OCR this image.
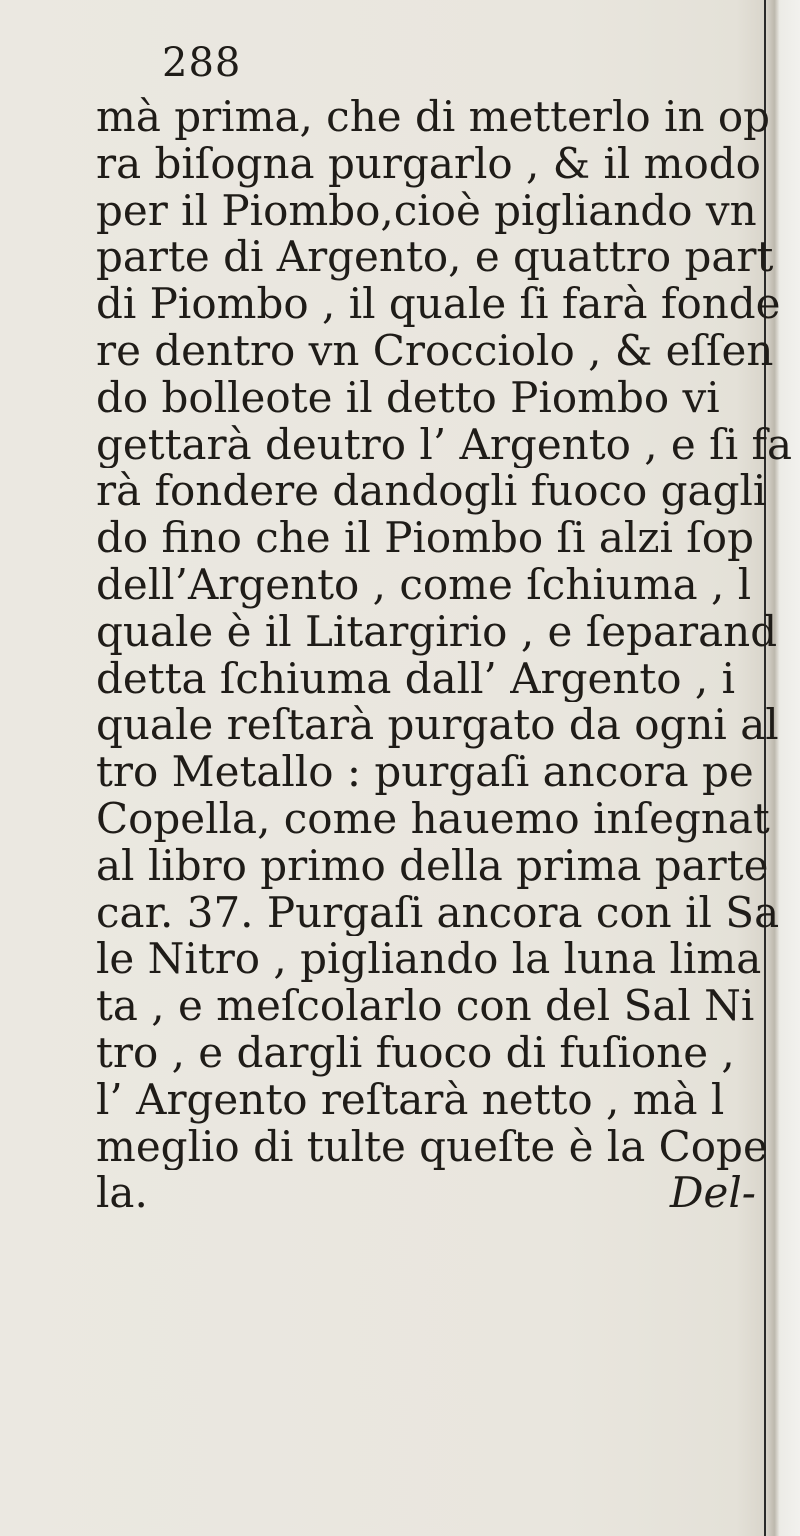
288
mà prima, che di metterlo in op
ra biſogna purgarlo , & il modo
per il Piombo,cioè pigliando vn
parte di Argento, e quattro part
di Piombo , il quale ſi farà fonde
re dentro vn Crocciolo , & eſſen
do bolleote il detto Piombo vi
gettarà deutro l’ Argento , e ſi fa
rà fondere dandogli fuoco gagli
do fino che il Piombo ſi alzi ſop
dell’Argento , come ſchiuma , l
quale è il Litargirio , e ſeparand
detta ſchiuma dall’ Argento , i
quale reſtarà purgato da ogni al
tro Metallo : purgaſi ancora pe
Copella, come hauemo inſegnat
al libro primo della prima parte
car. 37. Purgaſi ancora con il Sa
le Nitro , pigliando la luna lima
ta , e meſcolarlo con del Sal Ni
tro , e dargli fuoco di fuſione ,
l’ Argento reſtarà netto , mà l
meglio di tulte queſte è la Cope
la.	Del-
